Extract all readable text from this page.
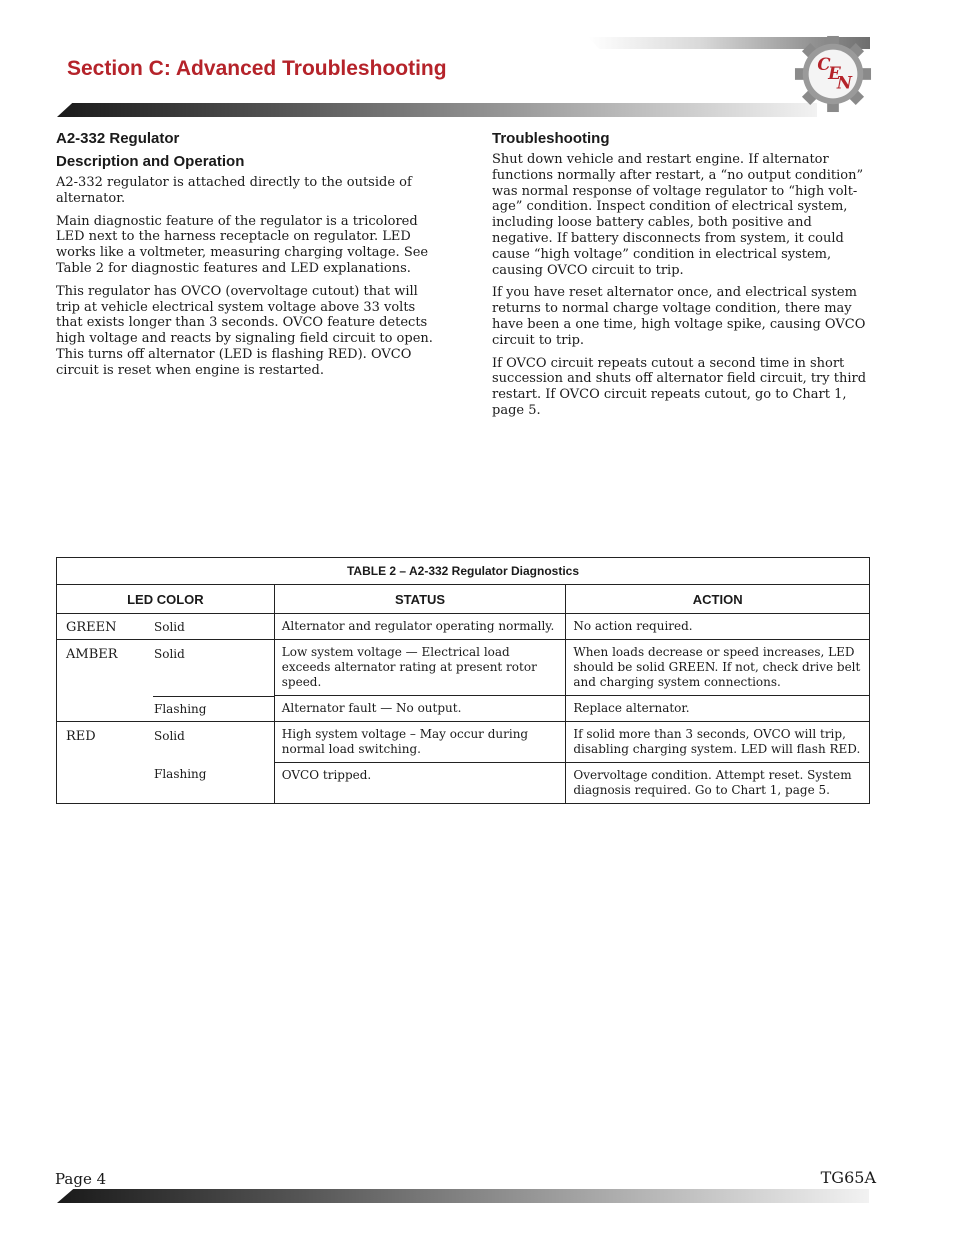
Section C: Advanced Troubleshooting	C
E
N

A2-332 Regulator

Description and Operation

A2-332 regulator is attached directly to the outside of alternator.

Main diagnostic feature of the regulator is a tricolored LED next to the harness receptacle on regulator. LED works like a voltmeter, measuring charging voltage. See Table 2 for diagnostic features and LED explanations.

This regulator has OVCO (overvoltage cutout) that will trip at vehicle electrical system voltage above 33 volts that exists longer than 3 seconds. OVCO feature detects high voltage and reacts by signaling field circuit to open. This turns off alternator (LED is flashing RED). OVCO circuit is reset when engine is restarted.

Troubleshooting

Shut down vehicle and restart engine. If alternator functions normally after restart, a “no output condition” was normal response of voltage regulator to “high volt-age” condition. Inspect condition of electrical system, including loose battery cables, both positive and negative. If battery disconnects from system, it could cause “high voltage” condition in electrical system, causing OVCO circuit to trip.

If you have reset alternator once, and electrical system returns to normal charge voltage condition, there may have been a one time, high voltage spike, causing OVCO circuit to trip.

If OVCO circuit repeats cutout a second time in short succession and shuts off alternator field circuit, try third restart. If OVCO circuit repeats cutout, go to Chart 1, page 5.

TABLE 2 – A2-332 Regulator Diagnostics		
LED COLOR	STATUS	ACTION
GREEN Solid	Alternator and regulator operating normally.	No action required.
AMBER Solid	Low system voltage — Electrical load exceeds alternator rating at present rotor speed.	When loads decrease or speed increases, LED should be solid GREEN. If not, check drive belt and charging system connections.

Flashing	Alternator fault — No output.	Replace alternator.
RED Solid	High system voltage – May occur during normal load switching.	If solid more than 3 seconds, OVCO will trip, disabling charging system. LED will flash RED.
Flashing	OVCO tripped.	Overvoltage condition. Attempt reset. System diagnosis required. Go to Chart 1, page 5.
Page 4	TG65A
